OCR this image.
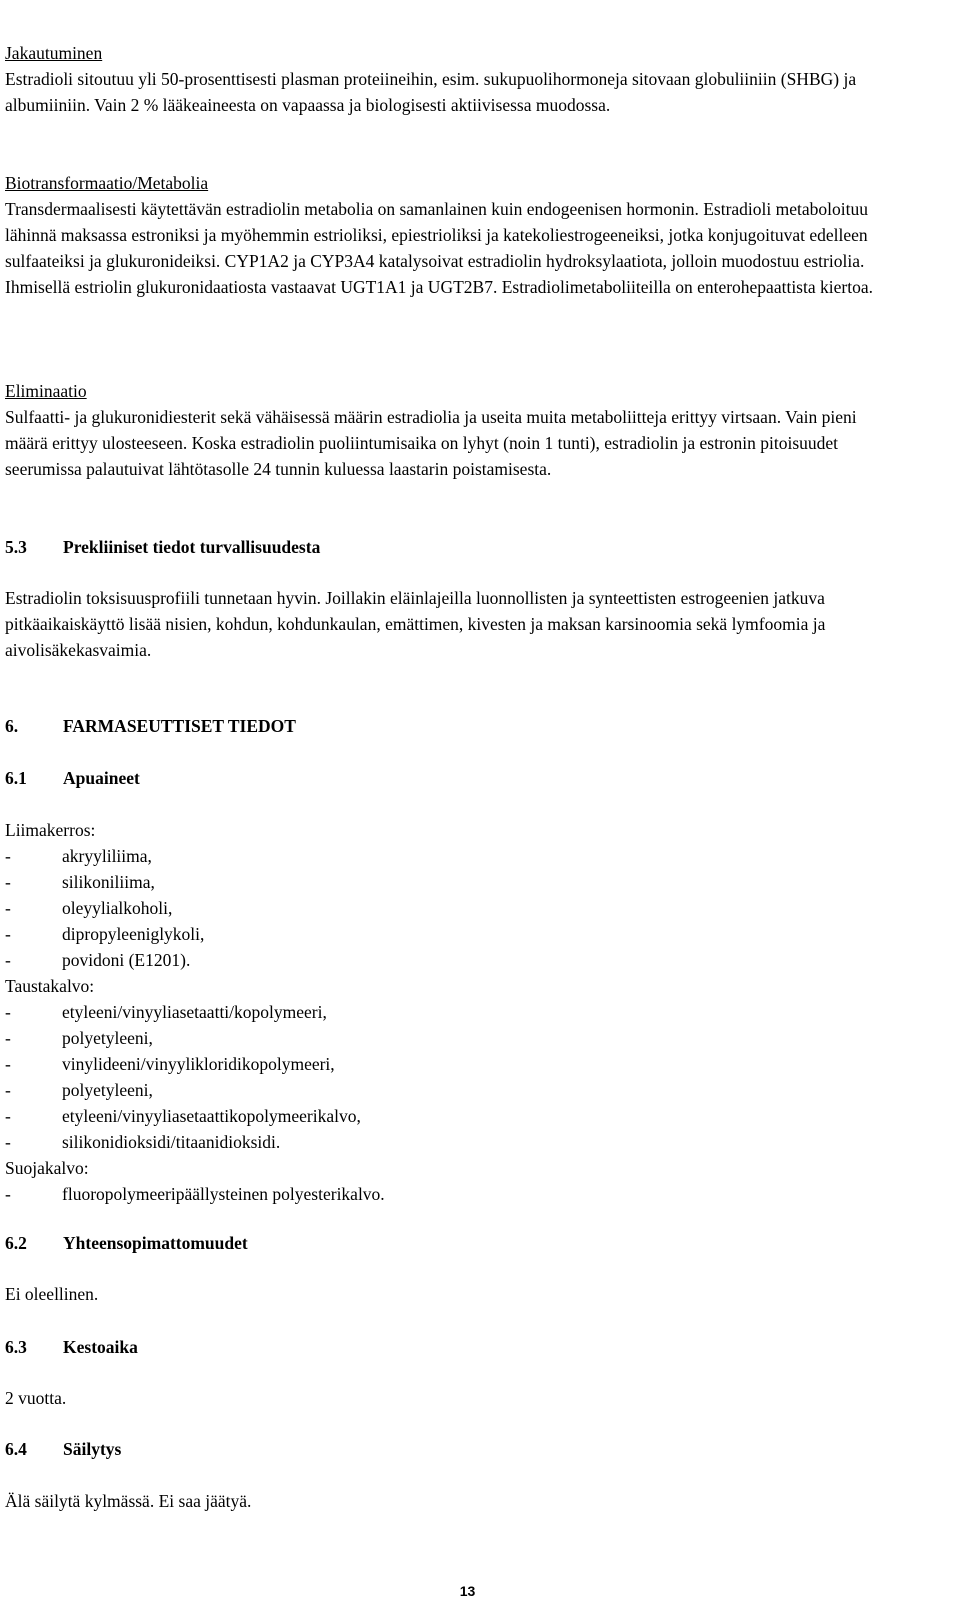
Jakautuminen
Estradioli sitoutuu yli 50-prosenttisesti plasman proteiineihin, esim. sukupuolihormoneja sitovaan globuliiniin (SHBG) ja albumiiniin. Vain 2 % lääkeaineesta on vapaassa ja biologisesti aktiivisessa muodossa.
Biotransformaatio/Metabolia
Transdermaalisesti käytettävän estradiolin metabolia on samanlainen kuin endogeenisen hormonin. Estradioli metaboloituu lähinnä maksassa estroniksi ja myöhemmin estrioliksi, epiestrioliksi ja katekoliestrogeeneiksi, jotka konjugoituvat edelleen sulfaateiksi ja glukuronideiksi. CYP1A2 ja CYP3A4 katalysoivat estradiolin hydroksylaatiota, jolloin muodostuu estriolia. Ihmisellä estriolin glukuronidaatiosta vastaavat UGT1A1 ja UGT2B7. Estradiolimetaboliiteilla on enterohepaattista kiertoa.
Eliminaatio
Sulfaatti- ja glukuronidiesterit sekä vähäisessä määrin estradiolia ja useita muita metaboliitteja erittyy virtsaan. Vain pieni määrä erittyy ulosteeseen. Koska estradiolin puoliintumisaika on lyhyt (noin 1 tunti), estradiolin ja estronin pitoisuudet seerumissa palautuivat lähtötasolle 24 tunnin kuluessa laastarin poistamisesta.
5.3 Prekliiniset tiedot turvallisuudesta
Estradiolin toksisuusprofiili tunnetaan hyvin. Joillakin eläinlajeilla luonnollisten ja synteettisten estrogeenien jatkuva pitkäaikaiskäyttö lisää nisien, kohdun, kohdunkaulan, emättimen, kivesten ja maksan karsinoomia sekä lymfoomia ja aivolisäkekasvaimia.
6.	FARMASEUTTISET TIEDOT
6.1 Apuaineet
Liimakerros:
-	akryyliliima,
-	silikoniliima,
-	oleyylialkoholi,
-	dipropyleeniglykoli,
-	povidoni (E1201).
Taustakalvo:
-	etyleeni/vinyyliasetaatti/kopolymeeri,
-	polyetyleeni,
-	vinylideeni/vinyylikloridikopolymeeri,
-	polyetyleeni,
-	etyleeni/vinyyliasetaattikopolymeerikalvo,
-	silikonidioksidi/titaanidioksidi.
Suojakalvo:
-	fluoropolymeeripäällysteinen polyesterikalvo.
6.2 Yhteensopimattomuudet
Ei oleellinen.
6.3 Kestoaika
2 vuotta.
6.4 Säilytys
Älä säilytä kylmässä. Ei saa jäätyä.
13
